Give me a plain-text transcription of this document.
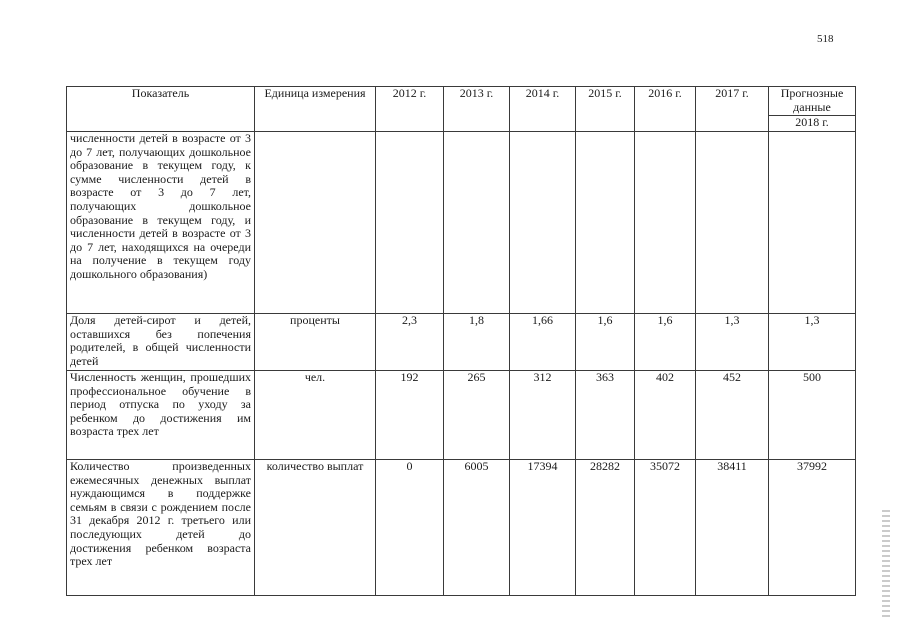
518
Показатель	Единица измерения	2012 г.	2013 г.	2014 г.	2015 г.	2016 г.	2017 г.	Прогнозные данные
								2018 г.
численности детей в возрасте от 3 до 7 лет, получающих дошкольное образование в текущем году, к сумме численности детей в возрасте от 3 до 7 лет, получающих дошкольное образование в текущем году, и численности детей в возрасте от 3 до 7 лет, находящихся на очереди на получение в текущем году дошкольного образования)								
Доля детей-сирот и детей, оставшихся без попечения родителей, в общей численности детей	проценты	2,3	1,8	1,66	1,6	1,6	1,3	1,3
Численность женщин, прошедших профессиональное обучение в период отпуска по уходу за ребенком до достижения им возраста трех лет	чел.	192	265	312	363	402	452	500
Количество произведенных ежемесячных денежных выплат нуждающимся в поддержке семьям в связи с рождением после 31 декабря 2012 г. третьего или последующих детей до достижения ребенком возраста трех лет	количество выплат	0	6005	17394	28282	35072	38411	37992
